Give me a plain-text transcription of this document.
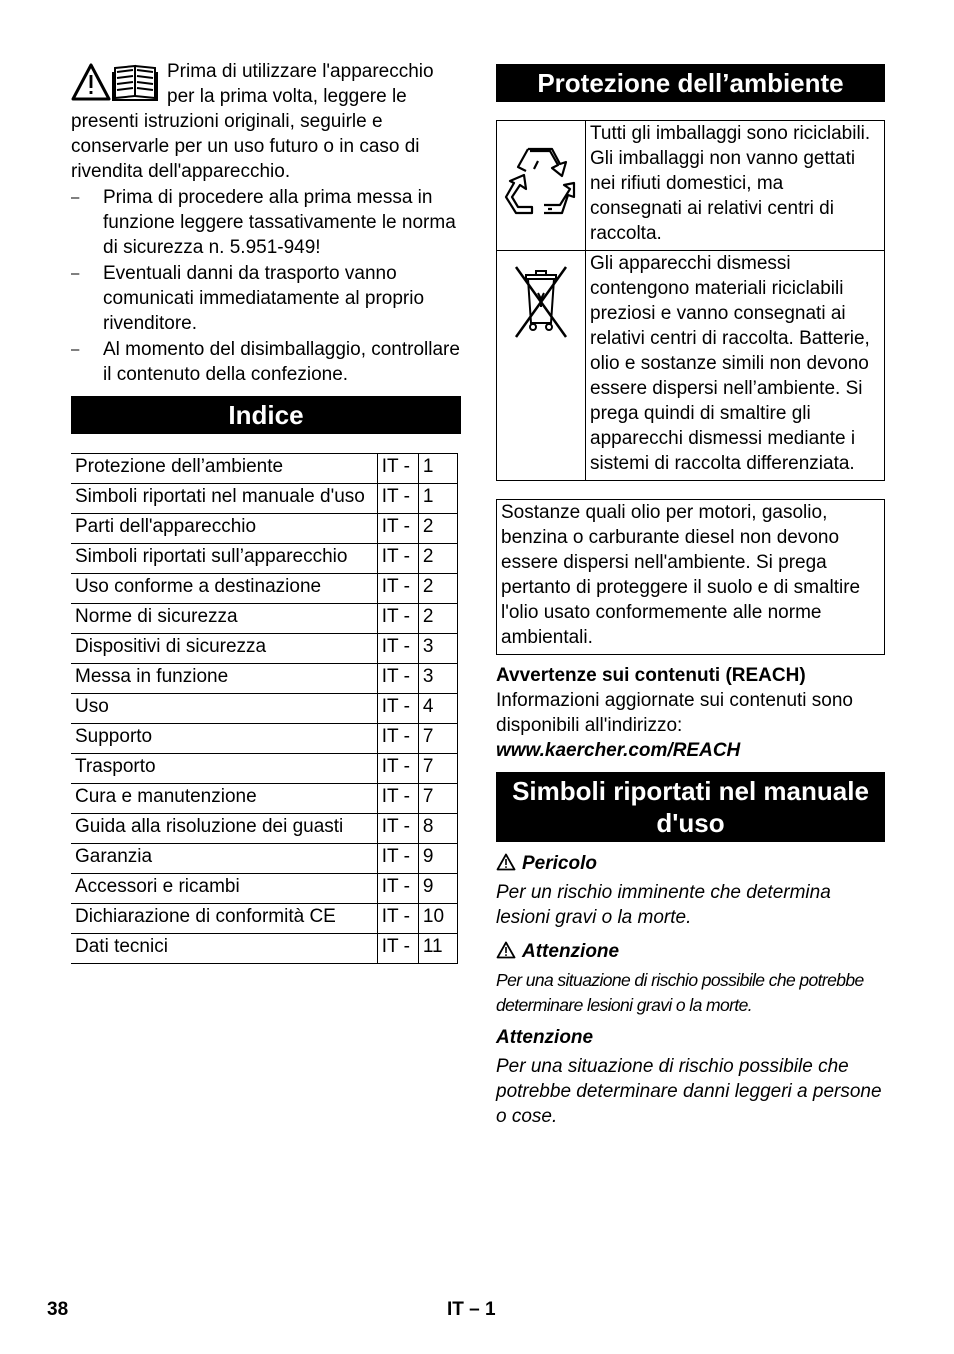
Prima di utilizzare l'apparecchio per la prima volta, leggere le presenti istruzioni originali, seguirle e conservarle per un uso futuro o in caso di rivendita dell'apparecchio.

– Prima di procedere alla prima messa in funzione leggere tassativamente le norma di sicurezza n. 5.951-949!
– Eventuali danni da trasporto vanno comunicati immediatamente al proprio rivenditore.
– Al momento del disimballaggio, controllare il contenuto della confezione.
Indice
Protezione dell’ambiente	IT -	1
Simboli riportati nel manuale d'uso	IT -	1
Parti dell'apparecchio	IT -	2
Simboli riportati sull’apparecchio	IT -	2
Uso conforme a destinazione	IT -	2
Norme di sicurezza	IT -	2
Dispositivi di sicurezza	IT -	3
Messa in funzione	IT -	3
Uso	IT -	4
Supporto	IT -	7
Trasporto	IT -	7
Cura e manutenzione	IT -	7
Guida alla risoluzione dei guasti	IT -	8
Garanzia	IT -	9
Accessori e ricambi	IT -	9
Dichiarazione di conformità CE	IT -	10
Dati tecnici	IT -	11
Protezione dell’ambiente
	Tutti gli imballaggi sono riciclabili. Gli imballaggi non vanno gettati nei rifiuti domestici, ma consegnati ai relativi centri di raccolta.
	Gli apparecchi dismessi contengono materiali riciclabili preziosi e vanno consegnati ai relativi centri di raccolta. Batterie, olio e sostanze simili non devono essere dispersi nell’ambiente. Si prega quindi di smaltire gli apparecchi dismessi mediante i sistemi di raccolta differenziata.
Sostanze quali olio per motori, gasolio, benzina o carburante diesel non devono essere dispersi nell'ambiente. Si prega pertanto di proteggere il suolo e di smaltire l'olio usato conformemente alle norme ambientali.

Avvertenze sui contenuti (REACH)

Informazioni aggiornate sui contenuti sono disponibili all'indirizzo:

www.kaercher.com/REACH

Simboli riportati nel manuale d'uso

Pericolo

Per un rischio imminente che determina lesioni gravi o la morte.

Attenzione

Per una situazione di rischio possibile che potrebbe determinare lesioni gravi o la morte.

Attenzione

Per una situazione di rischio possibile che potrebbe determinare danni leggeri a persone o cose.

38	IT – 1
